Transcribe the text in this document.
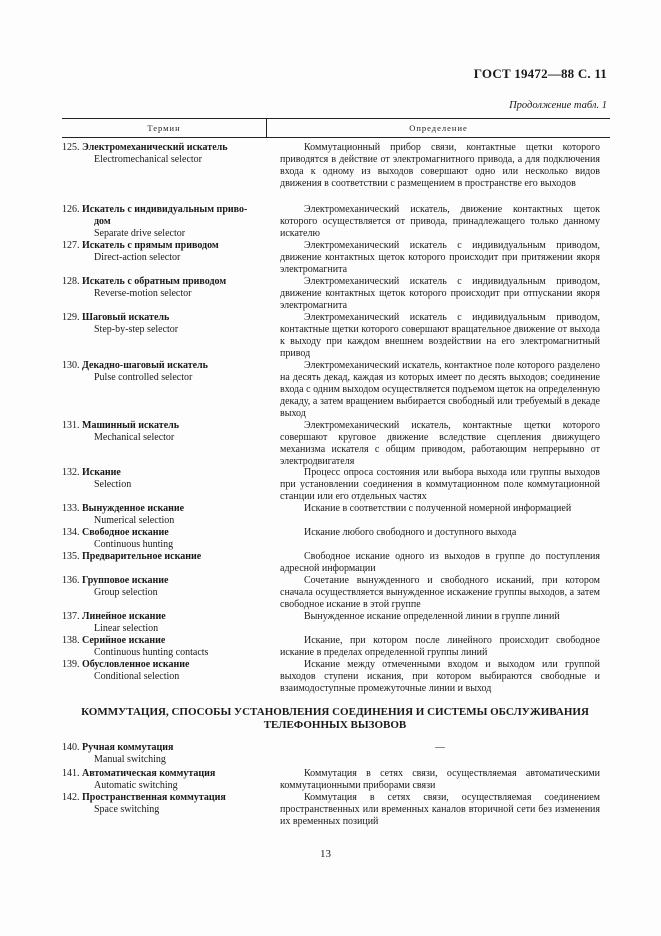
ГОСТ 19472—88 С. 11
Продолжение табл. 1
Термин	Определение
125. Электромеханический искатель
Electromechanical selector

Коммутационный прибор связи, контактные щетки которого приводятся в действие от электромагнитного привода, а для подключения входа к одному из выходов совершают одно или несколько видов движения в соответствии с размещением в пространстве его выходов

126. Искатель с индивидуальным приво-
дом
Separate drive selector

Электромеханический искатель, движение контактных щеток которого осуществляется от привода, принадлежащего только данному искателю

127. Искатель с прямым приводом
Direct-action selector

Электромеханический искатель с индивидуальным приводом, движение контактных щеток которого происходит при притяжении якоря электромагнита

128. Искатель с обратным приводом
Reverse-motion selector

Электромеханический искатель с индивидуальным приводом, движение контактных щеток которого происходит при отпускании якоря электромагнита

129. Шаговый искатель
Step-by-step selector

Электромеханический искатель с индивидуальным приводом, контактные щетки которого совершают вращательное движение от выхода к выходу при каждом внешнем воздействии на его электромагнитный привод

130. Декадно-шаговый искатель
Pulse controlled selector

Электромеханический искатель, контактное поле которого разделено на десять декад, каждая из которых имеет по десять выходов; соединение входа с одним выходом осуществляется подъемом щеток на определенную декаду, а затем вращением выбирается свободный или требуемый в декаде выход

131. Машинный искатель
Mechanical selector

Электромеханический искатель, контактные щетки которого совершают круговое движение вследствие сцепления движущего механизма искателя с общим приводом, работающим непрерывно от электродвигателя

132. Искание
Selection

Процесс опроса состояния или выбора выхода или группы выходов при установлении соединения в коммутационном поле коммутационной станции или его отдельных частях

133. Вынужденное искание
Numerical selection

Искание в соответствии с полученной номерной информацией

134. Свободное искание
Continuous hunting

Искание любого свободного и доступного выхода

135. Предварительное искание	Свободное искание одного из выходов в группе до поступления адресной информации

136. Групповое искание
Group selection

Сочетание вынужденного и свободного исканий, при котором сначала осуществляется вынужденное искажение группы выходов, а затем свободное искание в этой группе

137. Линейное искание
Linear selection

Вынужденное искание определенной линии в группе линий

138. Серийное искание
Continuous hunting contacts

Искание, при котором после линейного происходит свободное искание в пределах определенной группы линий

139. Обусловленное искание
Conditional selection

Искание между отмеченными входом и выходом или группой выходов ступени искания, при котором выбираются свободные и взаимодоступные промежуточные линии и выход

КОММУТАЦИЯ, СПОСОБЫ УСТАНОВЛЕНИЯ СОЕДИНЕНИЯ И СИСТЕМЫ ОБСЛУЖИВАНИЯ ТЕЛЕФОННЫХ ВЫЗОВОВ
140. Ручная коммутация
Manual switching

—

141. Автоматическая коммутация
Automatic switching

Коммутация в сетях связи, осуществляемая автоматическими коммутационными приборами связи

142. Пространственная коммутация
Space switching

Коммутация в сетях связи, осуществляемая соединением пространственных или временных каналов вторичной сети без изменения их временных позиций

13
